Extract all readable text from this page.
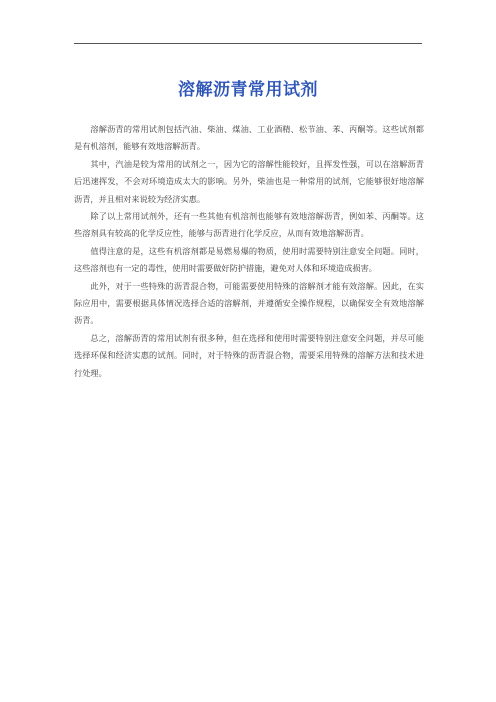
溶解沥青常用试剂

溶解沥青的常用试剂包括汽油、柴油、煤油、工业酒精、松节油、苯、丙酮等。这些试剂都是有机溶剂，能够有效地溶解沥青。

其中，汽油是较为常用的试剂之一，因为它的溶解性能较好，且挥发性强，可以在溶解沥青后迅速挥发，不会对环境造成太大的影响。另外，柴油也是一种常用的试剂，它能够很好地溶解沥青，并且相对来说较为经济实惠。

除了以上常用试剂外，还有一些其他有机溶剂也能够有效地溶解沥青，例如苯、丙酮等。这些溶剂具有较高的化学反应性，能够与沥青进行化学反应，从而有效地溶解沥青。

值得注意的是，这些有机溶剂都是易燃易爆的物质，使用时需要特别注意安全问题。同时，这些溶剂也有一定的毒性，使用时需要做好防护措施，避免对人体和环境造成损害。

此外，对于一些特殊的沥青混合物，可能需要使用特殊的溶解剂才能有效溶解。因此，在实际应用中，需要根据具体情况选择合适的溶解剂，并遵循安全操作规程，以确保安全有效地溶解沥青。

总之，溶解沥青的常用试剂有很多种，但在选择和使用时需要特别注意安全问题，并尽可能选择环保和经济实惠的试剂。同时，对于特殊的沥青混合物，需要采用特殊的溶解方法和技术进行处理。
